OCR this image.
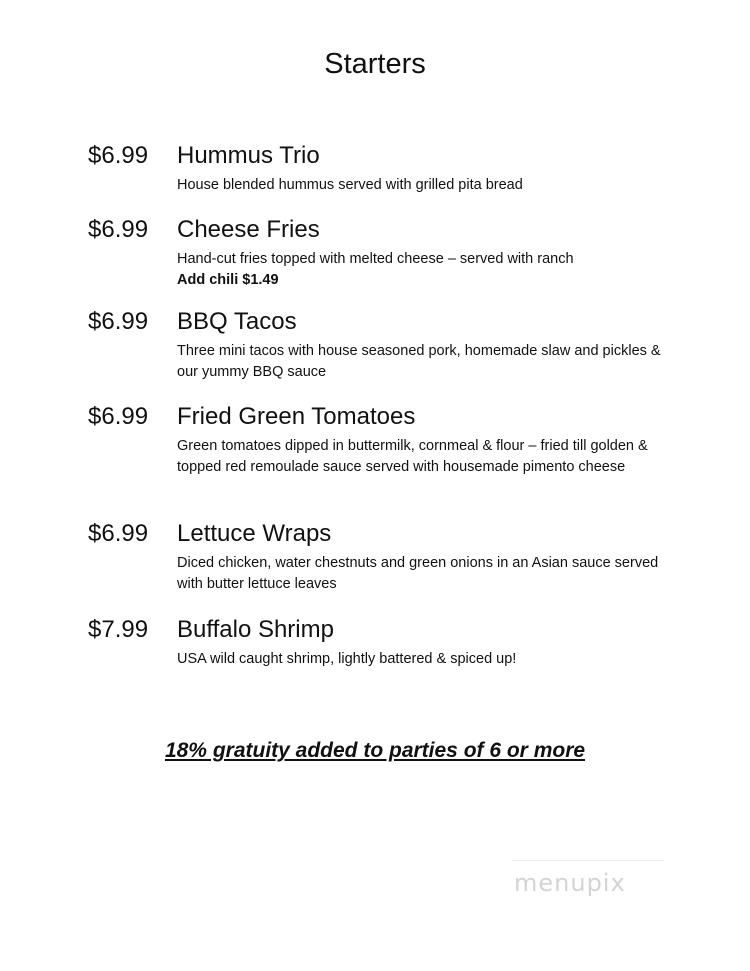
Starters
$6.99 Hummus Trio
House blended hummus served with grilled pita bread
$6.99 Cheese Fries
Hand-cut fries topped with melted cheese – served with ranch
Add chili $1.49
$6.99 BBQ Tacos
Three mini tacos with house seasoned pork, homemade slaw and pickles & our yummy BBQ sauce
$6.99 Fried Green Tomatoes
Green tomatoes dipped in buttermilk, cornmeal & flour – fried till golden & topped red remoulade sauce served with housemade pimento cheese
$6.99 Lettuce Wraps
Diced chicken, water chestnuts and green onions in an Asian sauce served with butter lettuce leaves
$7.99 Buffalo Shrimp
USA wild caught shrimp, lightly battered & spiced up!
18% gratuity added to parties of 6 or more
menupix
